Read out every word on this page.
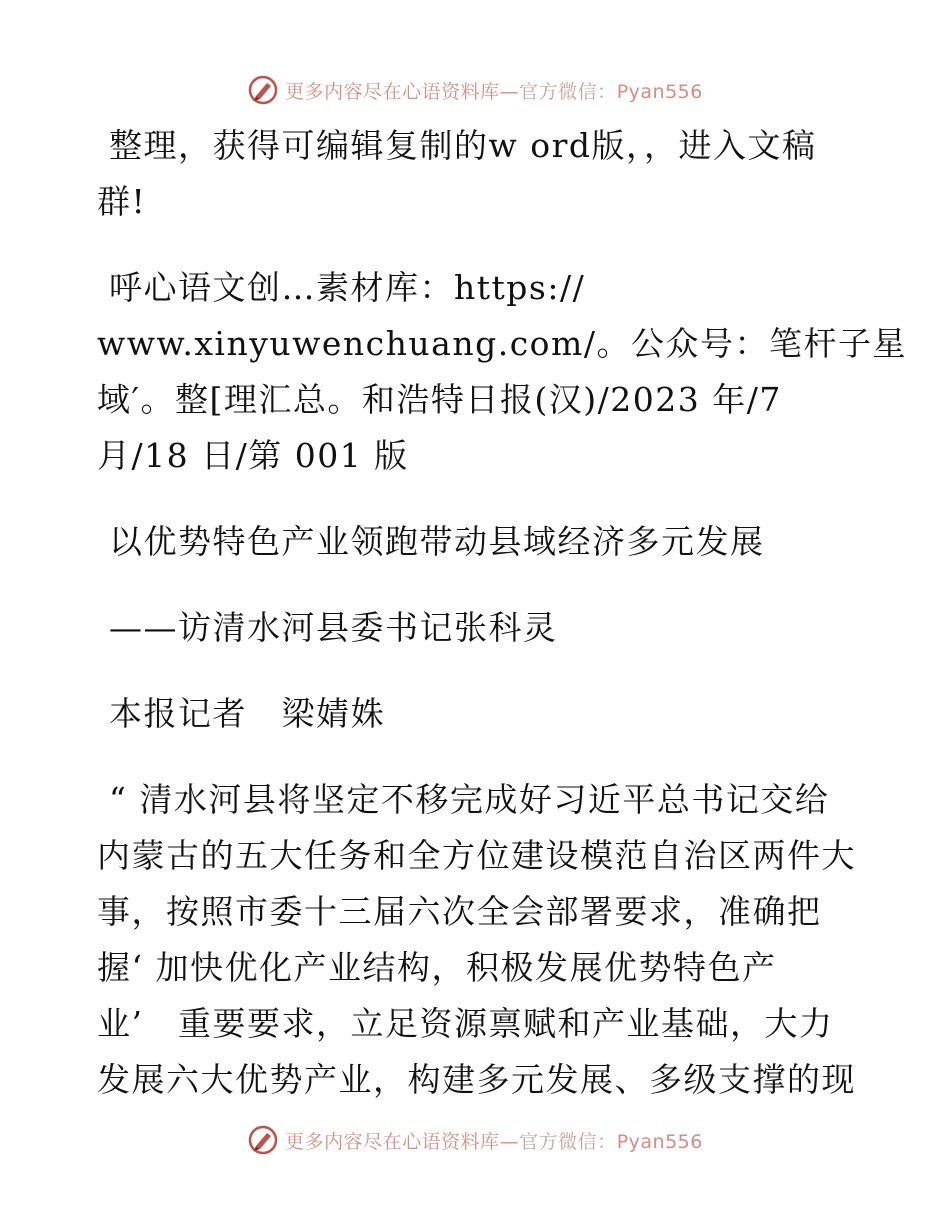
更多内容尽在心语资料库—官方微信：Pyan556
整理，获得可编辑复制的w ord版，，进入文稿
群!
呼心语文创…素材库：https://
www.xinyuwenchuang.com/。公众号：笔杆子星
域′。整[理汇总。和浩特日报(汉)/2023 年/7
月/18 日/第 001 版
以优势特色产业领跑带动县域经济多元发展
——访清水河县委书记张科灵
本报记者　梁婧姝
“ 清水河县将坚定不移完成好习近平总书记交给
内蒙古的五大任务和全方位建设模范自治区两件大
事，按照市委十三届六次全会部署要求，准确把
握‘ 加快优化产业结构，积极发展优势特色产
业’　重要要求，立足资源禀赋和产业基础，大力
发展六大优势产业，构建多元发展、多级支撑的现
更多内容尽在心语资料库—官方微信：Pyan556
